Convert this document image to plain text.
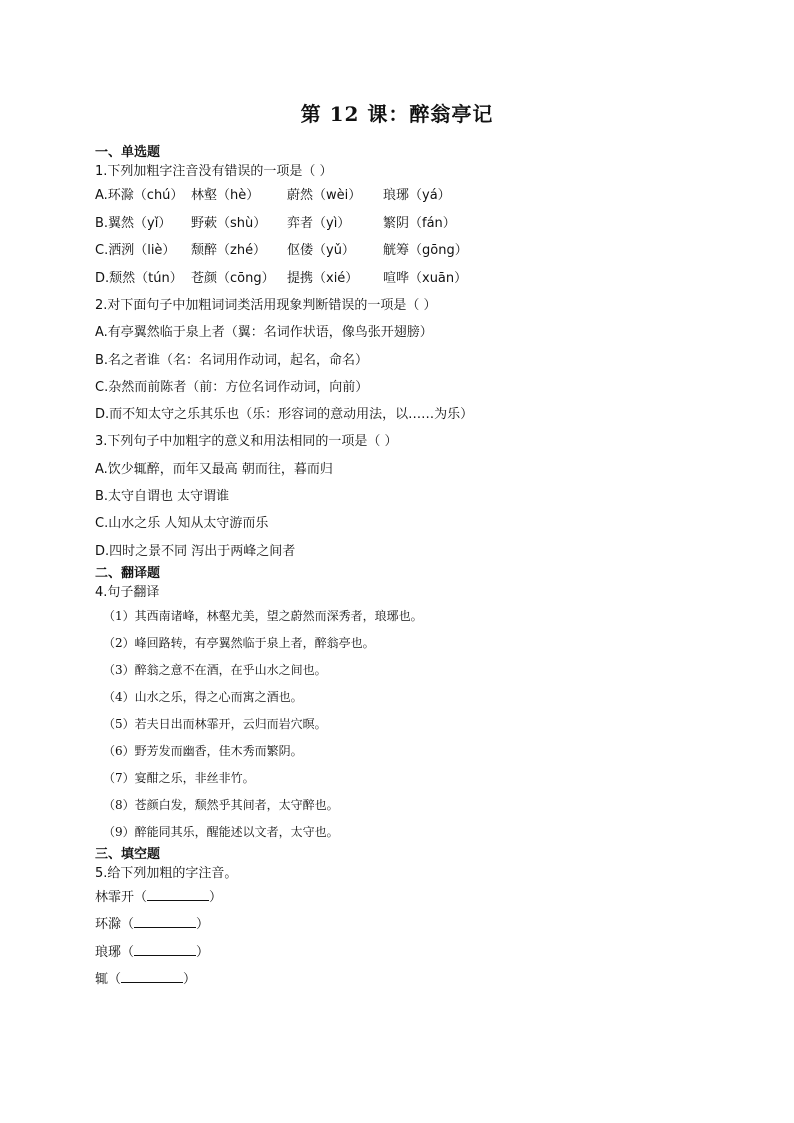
第 12 课：醉翁亭记
一、单选题
1.下列加粗字注音没有错误的一项是（ ）
A.环滁（chú） 林壑（hè）	蔚然（wèi）	琅琊（yá）
B.翼然（yǐ）	野蔌（shù）	弈者（yì）	繁阴（fán）
C.洒洌（liè）	颓醉（zhé）	伛偻（yǔ）	觥筹（gōng）
D.颓然（tún） 苍颜（cōng） 提携（xié）	喧哗（xuān）
2.对下面句子中加粗词词类活用现象判断错误的一项是（ ）
A.有亭翼然临于泉上者（翼：名词作状语，像鸟张开翅膀）
B.名之者谁（名：名词用作动词，起名，命名）
C.杂然而前陈者（前：方位名词作动词，向前）
D.而不知太守之乐其乐也（乐：形容词的意动用法，以……为乐）
3.下列句子中加粗字的意义和用法相同的一项是（ ）
A.饮少辄醉，而年又最高 朝而往，暮而归
B.太守自谓也 太守谓谁
C.山水之乐 人知从太守游而乐
D.四时之景不同 泻出于两峰之间者
二、翻译题
4.句子翻译
（1）其西南诸峰，林壑尤美，望之蔚然而深秀者，琅琊也。
（2）峰回路转，有亭翼然临于泉上者，醉翁亭也。
（3）醉翁之意不在酒，在乎山水之间也。
（4）山水之乐，得之心而寓之酒也。
（5）若夫日出而林霏开，云归而岩穴暝。
（6）野芳发而幽香，佳木秀而繁阴。
（7）宴酣之乐，非丝非竹。
（8）苍颜白发，颓然乎其间者，太守醉也。
（9）醉能同其乐，醒能述以文者，太守也。
三、填空题
5.给下列加粗的字注音。
林霏开（	）
环滁（	）
琅琊（	）
辄（	）
